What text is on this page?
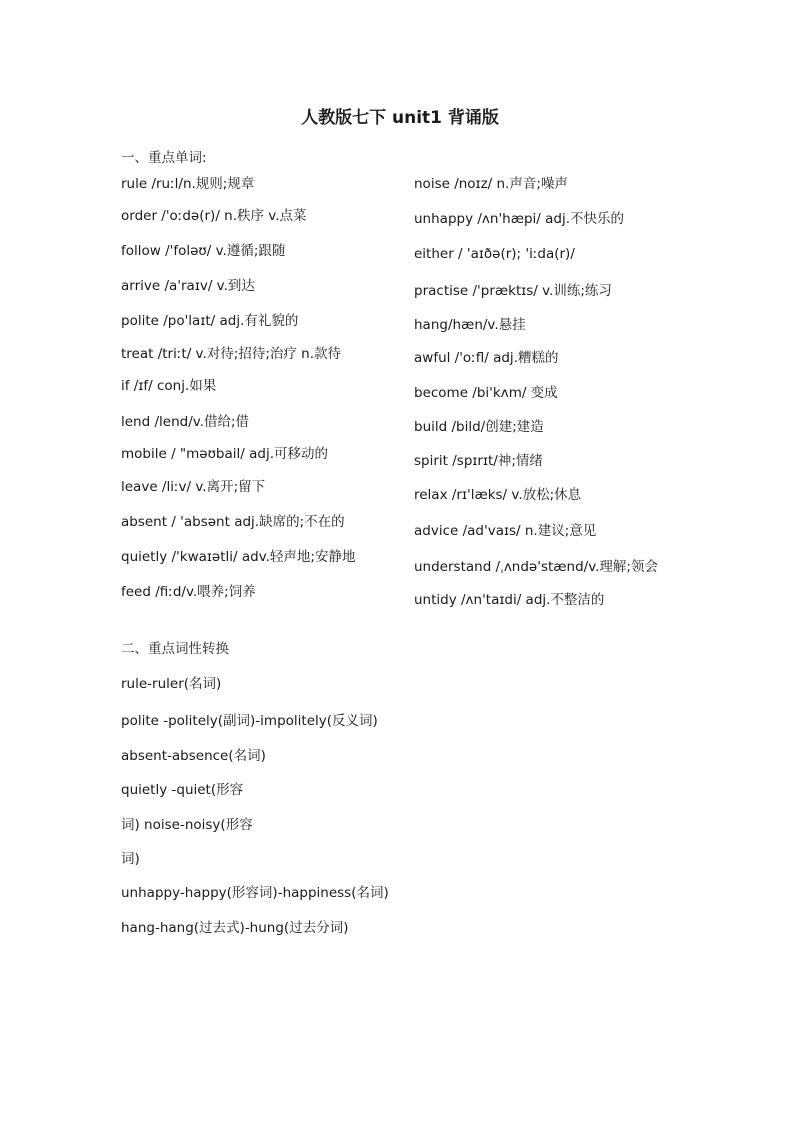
人教版七下 unit1 背诵版
一、重点单词:
rule /ruːl/n.规则;规章
order /'oːdə(r)/ n.秩序 v.点菜
follow /'foləʊ/ v.遵循;跟随
arrive /a'raɪv/ v.到达
polite /po'laɪt/ adj.有礼貌的
treat /triːt/ v.对待;招待;治疗 n.款待
if /ɪf/ conj.如果
lend /lend/v.借给;借
mobile / "məʊbail/ adj.可移动的
leave /liːv/ v.离开;留下
absent / 'absənt adj.缺席的;不在的
quietly /'kwaɪətli/ adv.轻声地;安静地
feed /fiːd/v.喂养;饲养
noise /noɪz/ n.声音;噪声
unhappy /ʌn'hæpi/ adj.不快乐的
either / 'aɪðə(r); 'iːda(r)/
practise /'præktɪs/ v.训练;练习
hang/hæn/v.悬挂
awful /'oːfl/ adj.糟糕的
become /bi'kʌm/ 变成
build /bild/创建;建造
spirit /spɪrɪt/神;情绪
relax /rɪ'læks/ v.放松;休息
advice /ad'vaɪs/ n.建议;意见
understand /ˌʌndə'stænd/v.理解;领会
untidy /ʌn'taɪdi/ adj.不整洁的
二、重点词性转换
rule-ruler(名词)
polite -politely(副词)-impolitely(反义词)
absent-absence(名词)
quietly -quiet(形容
词) noise-noisy(形容
词)
unhappy-happy(形容词)-happiness(名词)
hang-hang(过去式)-hung(过去分词)
